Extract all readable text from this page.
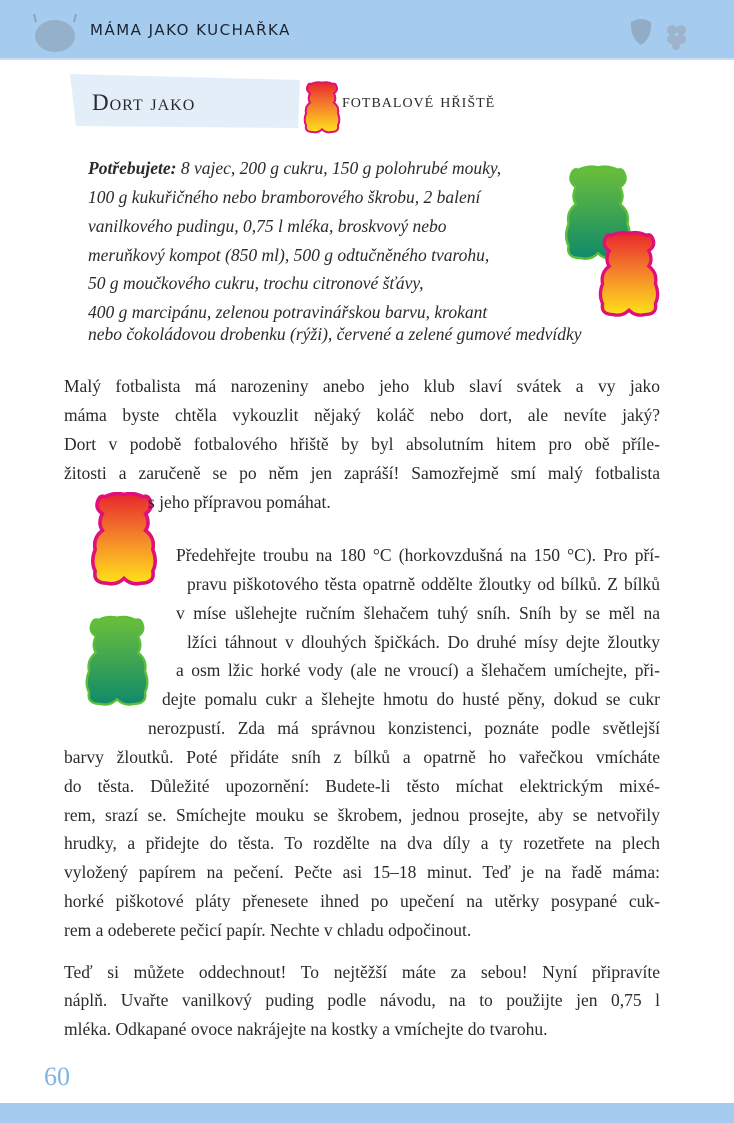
MÁMA JAKO KUCHAŘKA
Dort jako	fotbalové hřiště
Potřebujete: 8 vajec, 200 g cukru, 150 g polohrubé mouky,
100 g kukuřičného nebo bramborového škrobu, 2 balení
vanilkového pudingu, 0,75 l mléka, broskvový nebo
meruňkový kompot (850 ml), 500 g odtučněného tvarohu,
50 g moučkového cukru, trochu citronové šťávy,
400 g marcipánu, zelenou potravinářskou barvu, krokant
nebo čokoládovou drobenku (rýži), červené a zelené gumové medvídky
Malý fotbalista má narozeniny anebo jeho klub slaví svátek a vy jako
máma byste chtěla vykouzlit nějaký koláč nebo dort, ale nevíte jaký?
Dort v podobě fotbalového hřiště by byl absolutním hitem pro obě příle-
žitosti a zaručeně se po něm jen zapráší! Samozřejmě smí malý fotbalista
s jeho přípravou pomáhat.
Předehřejte troubu na 180 °C (horkovzdušná na 150 °C). Pro pří-
pravu piškotového těsta opatrně oddělte žloutky od bílků. Z bílků
v míse ušlehejte ručním šlehačem tuhý sníh. Sníh by se měl na
lžíci táhnout v dlouhých špičkách. Do druhé mísy dejte žloutky
a osm lžic horké vody (ale ne vroucí) a šlehačem umíchejte, při-
dejte pomalu cukr a šlehejte hmotu do husté pěny, dokud se cukr
nerozpustí. Zda má správnou konzistenci, poznáte podle světlejší
barvy žloutků. Poté přidáte sníh z bílků a opatrně ho vařečkou vmícháte
do těsta. Důležité upozornění: Budete-li těsto míchat elektrickým mixé-
rem, srazí se. Smíchejte mouku se škrobem, jednou prosejte, aby se netvořily
hrudky, a přidejte do těsta. To rozdělte na dva díly a ty rozetřete na plech
vyložený papírem na pečení. Pečte asi 15–18 minut. Teď je na řadě máma:
horké piškotové pláty přenesete ihned po upečení na utěrky posypané cuk-
rem a odeberete pečicí papír. Nechte v chladu odpočinout.
Teď si můžete oddechnout! To nejtěžší máte za sebou! Nyní připravíte
náplň. Uvařte vanilkový puding podle návodu, na to použijte jen 0,75 l
mléka. Odkapané ovoce nakrájejte na kostky a vmíchejte do tvarohu.
60
